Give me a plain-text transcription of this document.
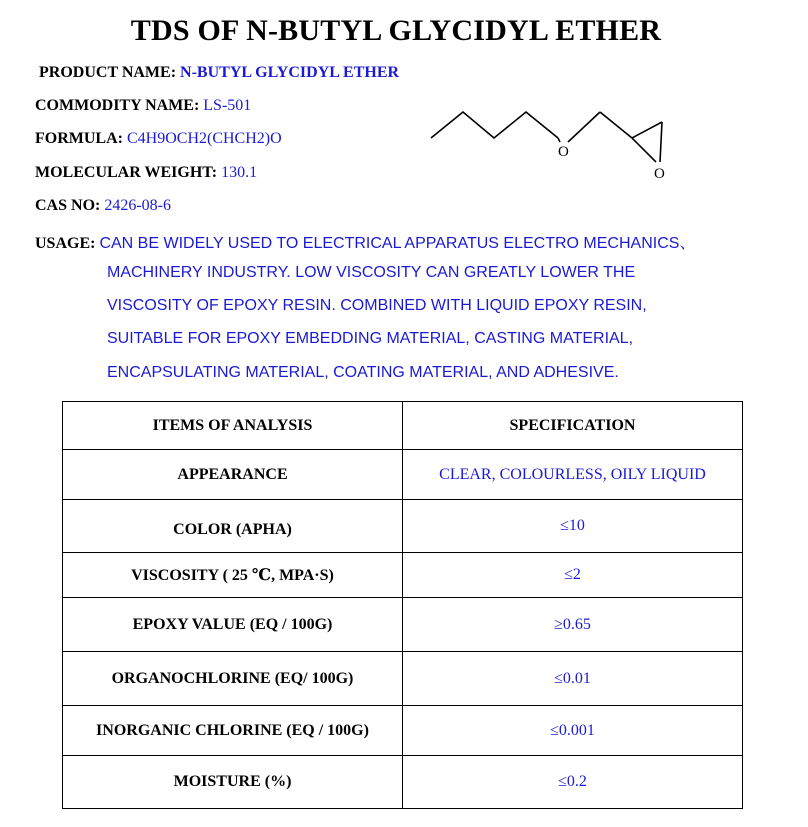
TDS OF N-BUTYL GLYCIDYL ETHER
PRODUCT NAME: N-BUTYL GLYCIDYL ETHER
COMMODITY NAME: LS-501
FORMULA: C4H9OCH2(CHCH2)O
MOLECULAR WEIGHT: 130.1
CAS NO: 2426-08-6
USAGE: CAN BE WIDELY USED TO ELECTRICAL APPARATUS ELECTRO MECHANICS、
MACHINERY INDUSTRY. LOW VISCOSITY CAN GREATLY LOWER THE
VISCOSITY OF EPOXY RESIN. COMBINED WITH LIQUID EPOXY RESIN,
SUITABLE FOR EPOXY EMBEDDING MATERIAL, CASTING MATERIAL,
ENCAPSULATING MATERIAL, COATING MATERIAL, AND ADHESIVE.
O
O
ITEMS OF ANALYSIS	SPECIFICATION
APPEARANCE	CLEAR, COLOURLESS, OILY LIQUID
COLOR (APHA)	≤10
VISCOSITY ( 25 ℃, MPA·S)	≤2
EPOXY VALUE (EQ / 100G)	≥0.65
ORGANOCHLORINE (EQ/ 100G)	≤0.01
INORGANIC CHLORINE (EQ / 100G)	≤0.001
MOISTURE (%)	≤0.2
